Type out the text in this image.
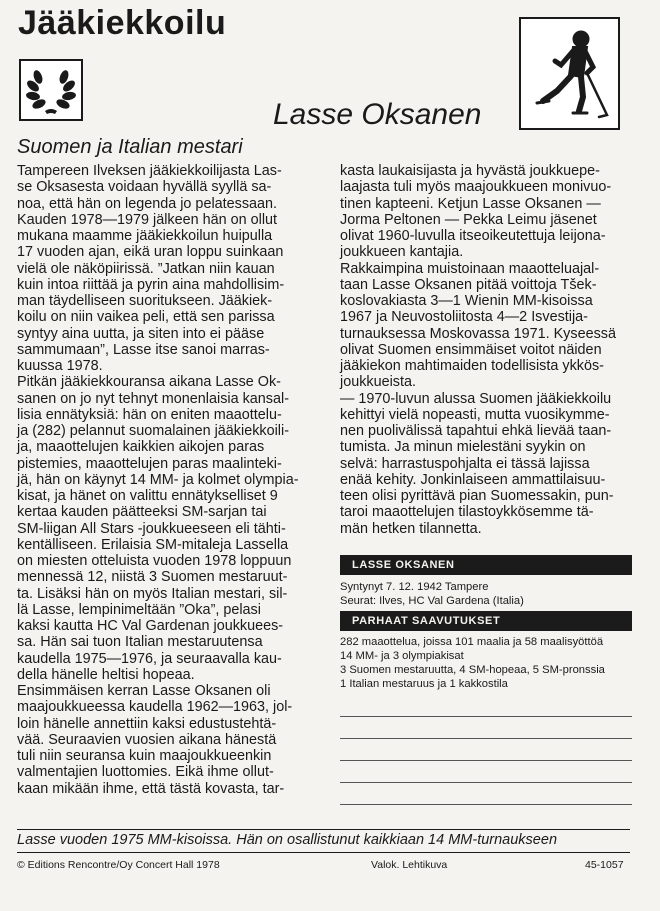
Jääkiekkoilu
Lasse Oksanen
Suomen ja Italian mestari

Tampereen Ilveksen jääkiekkoilijasta Las-

se Oksasesta voidaan hyvällä syyllä sa-

noa, että hän on legenda jo pelatessaan.

Kauden 1978—1979 jälkeen hän on ollut

mukana maamme jääkiekkoilun huipulla

17 vuoden ajan, eikä uran loppu suinkaan

vielä ole näköpiirissä. ”Jatkan niin kauan

kuin intoa riittää ja pyrin aina mahdollisim-

man täydelliseen suoritukseen. Jääkiek-

koilu on niin vaikea peli, että sen parissa

syntyy aina uutta, ja siten into ei pääse

sammumaan”, Lasse itse sanoi marras-

kuussa 1978.

Pitkän jääkiekkouransa aikana Lasse Ok-

sanen on jo nyt tehnyt monenlaisia kansal-

lisia ennätyksiä: hän on eniten maaottelu-

ja (282) pelannut suomalainen jääkiekkoili-

ja, maaottelujen kaikkien aikojen paras

pistemies, maaottelujen paras maalinteki-

jä, hän on käynyt 14 MM- ja kolmet olympia-

kisat, ja hänet on valittu ennätykselliset 9

kertaa kauden päätteeksi SM-sarjan tai

SM-liigan All Stars -joukkueeseen eli tähti-

kentälliseen. Erilaisia SM-mitaleja Lassella

on miesten otteluista vuoden 1978 loppuun

mennessä 12, niistä 3 Suomen mestaruut-

ta. Lisäksi hän on myös Italian mestari, sil-

lä Lasse, lempinimeltään ”Oka”, pelasi

kaksi kautta HC Val Gardenan joukkuees-

sa. Hän sai tuon Italian mestaruutensa

kaudella 1975—1976, ja seuraavalla kau-

della hänelle heltisi hopeaa.

Ensimmäisen kerran Lasse Oksanen oli

maajoukkueessa kaudella 1962—1963, jol-

loin hänelle annettiin kaksi edustustehtä-

vää. Seuraavien vuosien aikana hänestä

tuli niin seuransa kuin maajoukkueenkin

valmentajien luottomies. Eikä ihme ollut-

kaan mikään ihme, että tästä kovasta, tar-

kasta laukaisijasta ja hyvästä joukkuepe-

laajasta tuli myös maajoukkueen monivuo-

tinen kapteeni. Ketjun Lasse Oksanen —

Jorma Peltonen — Pekka Leimu jäsenet

olivat 1960-luvulla itseoikeutettuja leijona-

joukkueen kantajia.

Rakkaimpina muistoinaan maaotteluajal-

taan Lasse Oksanen pitää voittoja Tšek-

koslovakiasta 3—1 Wienin MM-kisoissa

1967 ja Neuvostoliitosta 4—2 Isvestija-

turnauksessa Moskovassa 1971. Kyseessä

olivat Suomen ensimmäiset voitot näiden

jääkiekon mahtimaiden todellisista ykkös-

joukkueista.

— 1970-luvun alussa Suomen jääkiekkoilu

kehittyi vielä nopeasti, mutta vuosikymme-

nen puolivälissä tapahtui ehkä lievää taan-

tumista. Ja minun mielestäni syykin on

selvä: harrastuspohjalta ei tässä lajissa

enää kehity. Jonkinlaiseen ammattilaisuu-

teen olisi pyrittävä pian Suomessakin, pun-

taroi maaottelujen tilastoykkösemme tä-

män hetken tilannetta.

LASSE OKSANEN
Syntynyt 7. 12. 1942 Tampere
Seurat: Ilves, HC Val Gardena (Italia)
PARHAAT SAAVUTUKSET
282 maaottelua, joissa 101 maalia ja 58 maalisyöttöä
14 MM- ja 3 olympiakisat
3 Suomen mestaruutta, 4 SM-hopeaa, 5 SM-pronssia
1 Italian mestaruus ja 1 kakkostila
Lasse vuoden 1975 MM-kisoissa. Hän on osallistunut kaikkiaan 14 MM-turnaukseen
© Editions Rencontre/Oy Concert Hall 1978	Valok. Lehtikuva	45-1057
